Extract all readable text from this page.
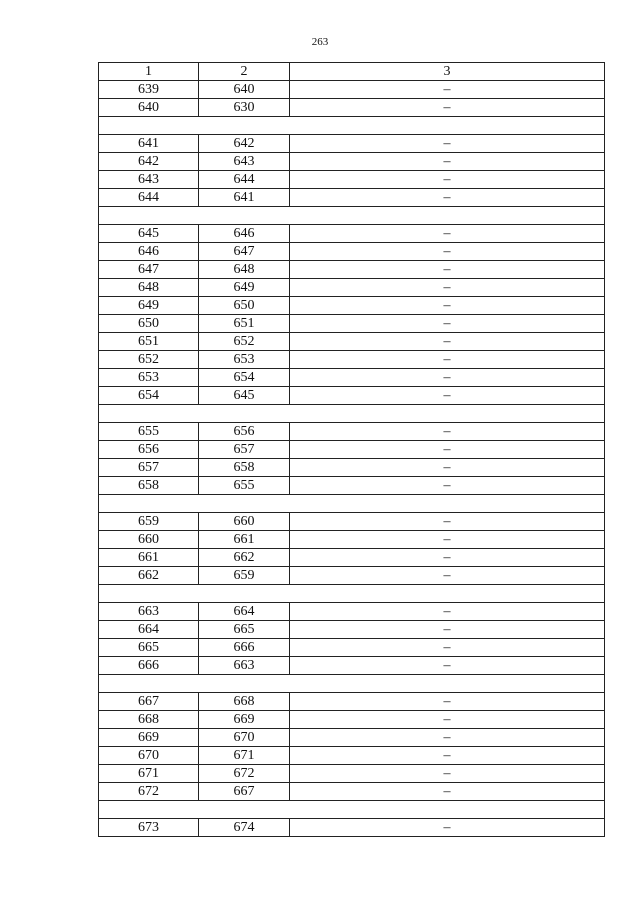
263
1	2	3
639	640	–
640	630	–

641	642	–
642	643	–
643	644	–
644	641	–

645	646	–
646	647	–
647	648	–
648	649	–
649	650	–
650	651	–
651	652	–
652	653	–
653	654	–
654	645	–

655	656	–
656	657	–
657	658	–
658	655	–

659	660	–
660	661	–
661	662	–
662	659	–

663	664	–
664	665	–
665	666	–
666	663	–

667	668	–
668	669	–
669	670	–
670	671	–
671	672	–
672	667	–

673	674	–
